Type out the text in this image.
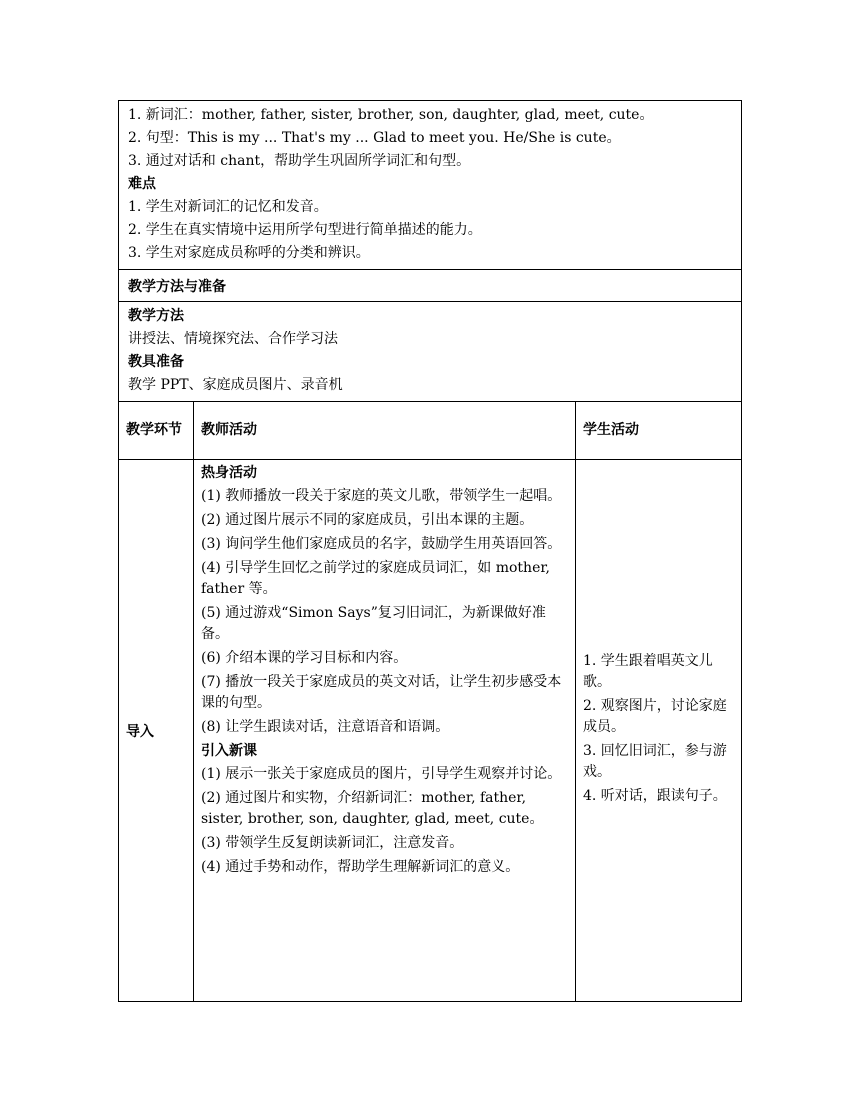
1. 新词汇：mother, father, sister, brother, son, daughter, glad, meet, cute。
2. 句型：This is my ... That's my ... Glad to meet you. He/She is cute。
3. 通过对话和 chant，帮助学生巩固所学词汇和句型。
难点
1. 学生对新词汇的记忆和发音。
2. 学生在真实情境中运用所学句型进行简单描述的能力。
3. 学生对家庭成员称呼的分类和辨识。
教学方法与准备
教学方法
讲授法、情境探究法、合作学习法
教具准备
教学 PPT、家庭成员图片、录音机
教学环节	教师活动	学生活动
导入
热身活动
(1) 教师播放一段关于家庭的英文儿歌，带领学生一起唱。
(2) 通过图片展示不同的家庭成员，引出本课的主题。
(3) 询问学生他们家庭成员的名字，鼓励学生用英语回答。
(4) 引导学生回忆之前学过的家庭成员词汇，如 mother, father 等。
(5) 通过游戏“Simon Says”复习旧词汇，为新课做好准备。
(6) 介绍本课的学习目标和内容。
(7) 播放一段关于家庭成员的英文对话，让学生初步感受本课的句型。
(8) 让学生跟读对话，注意语音和语调。
引入新课
(1) 展示一张关于家庭成员的图片，引导学生观察并讨论。
(2) 通过图片和实物，介绍新词汇：mother, father, sister, brother, son, daughter, glad, meet, cute。
(3) 带领学生反复朗读新词汇，注意发音。
(4) 通过手势和动作，帮助学生理解新词汇的意义。
1. 学生跟着唱英文儿歌。
2. 观察图片，讨论家庭成员。
3. 回忆旧词汇，参与游戏。
4. 听对话，跟读句子。
